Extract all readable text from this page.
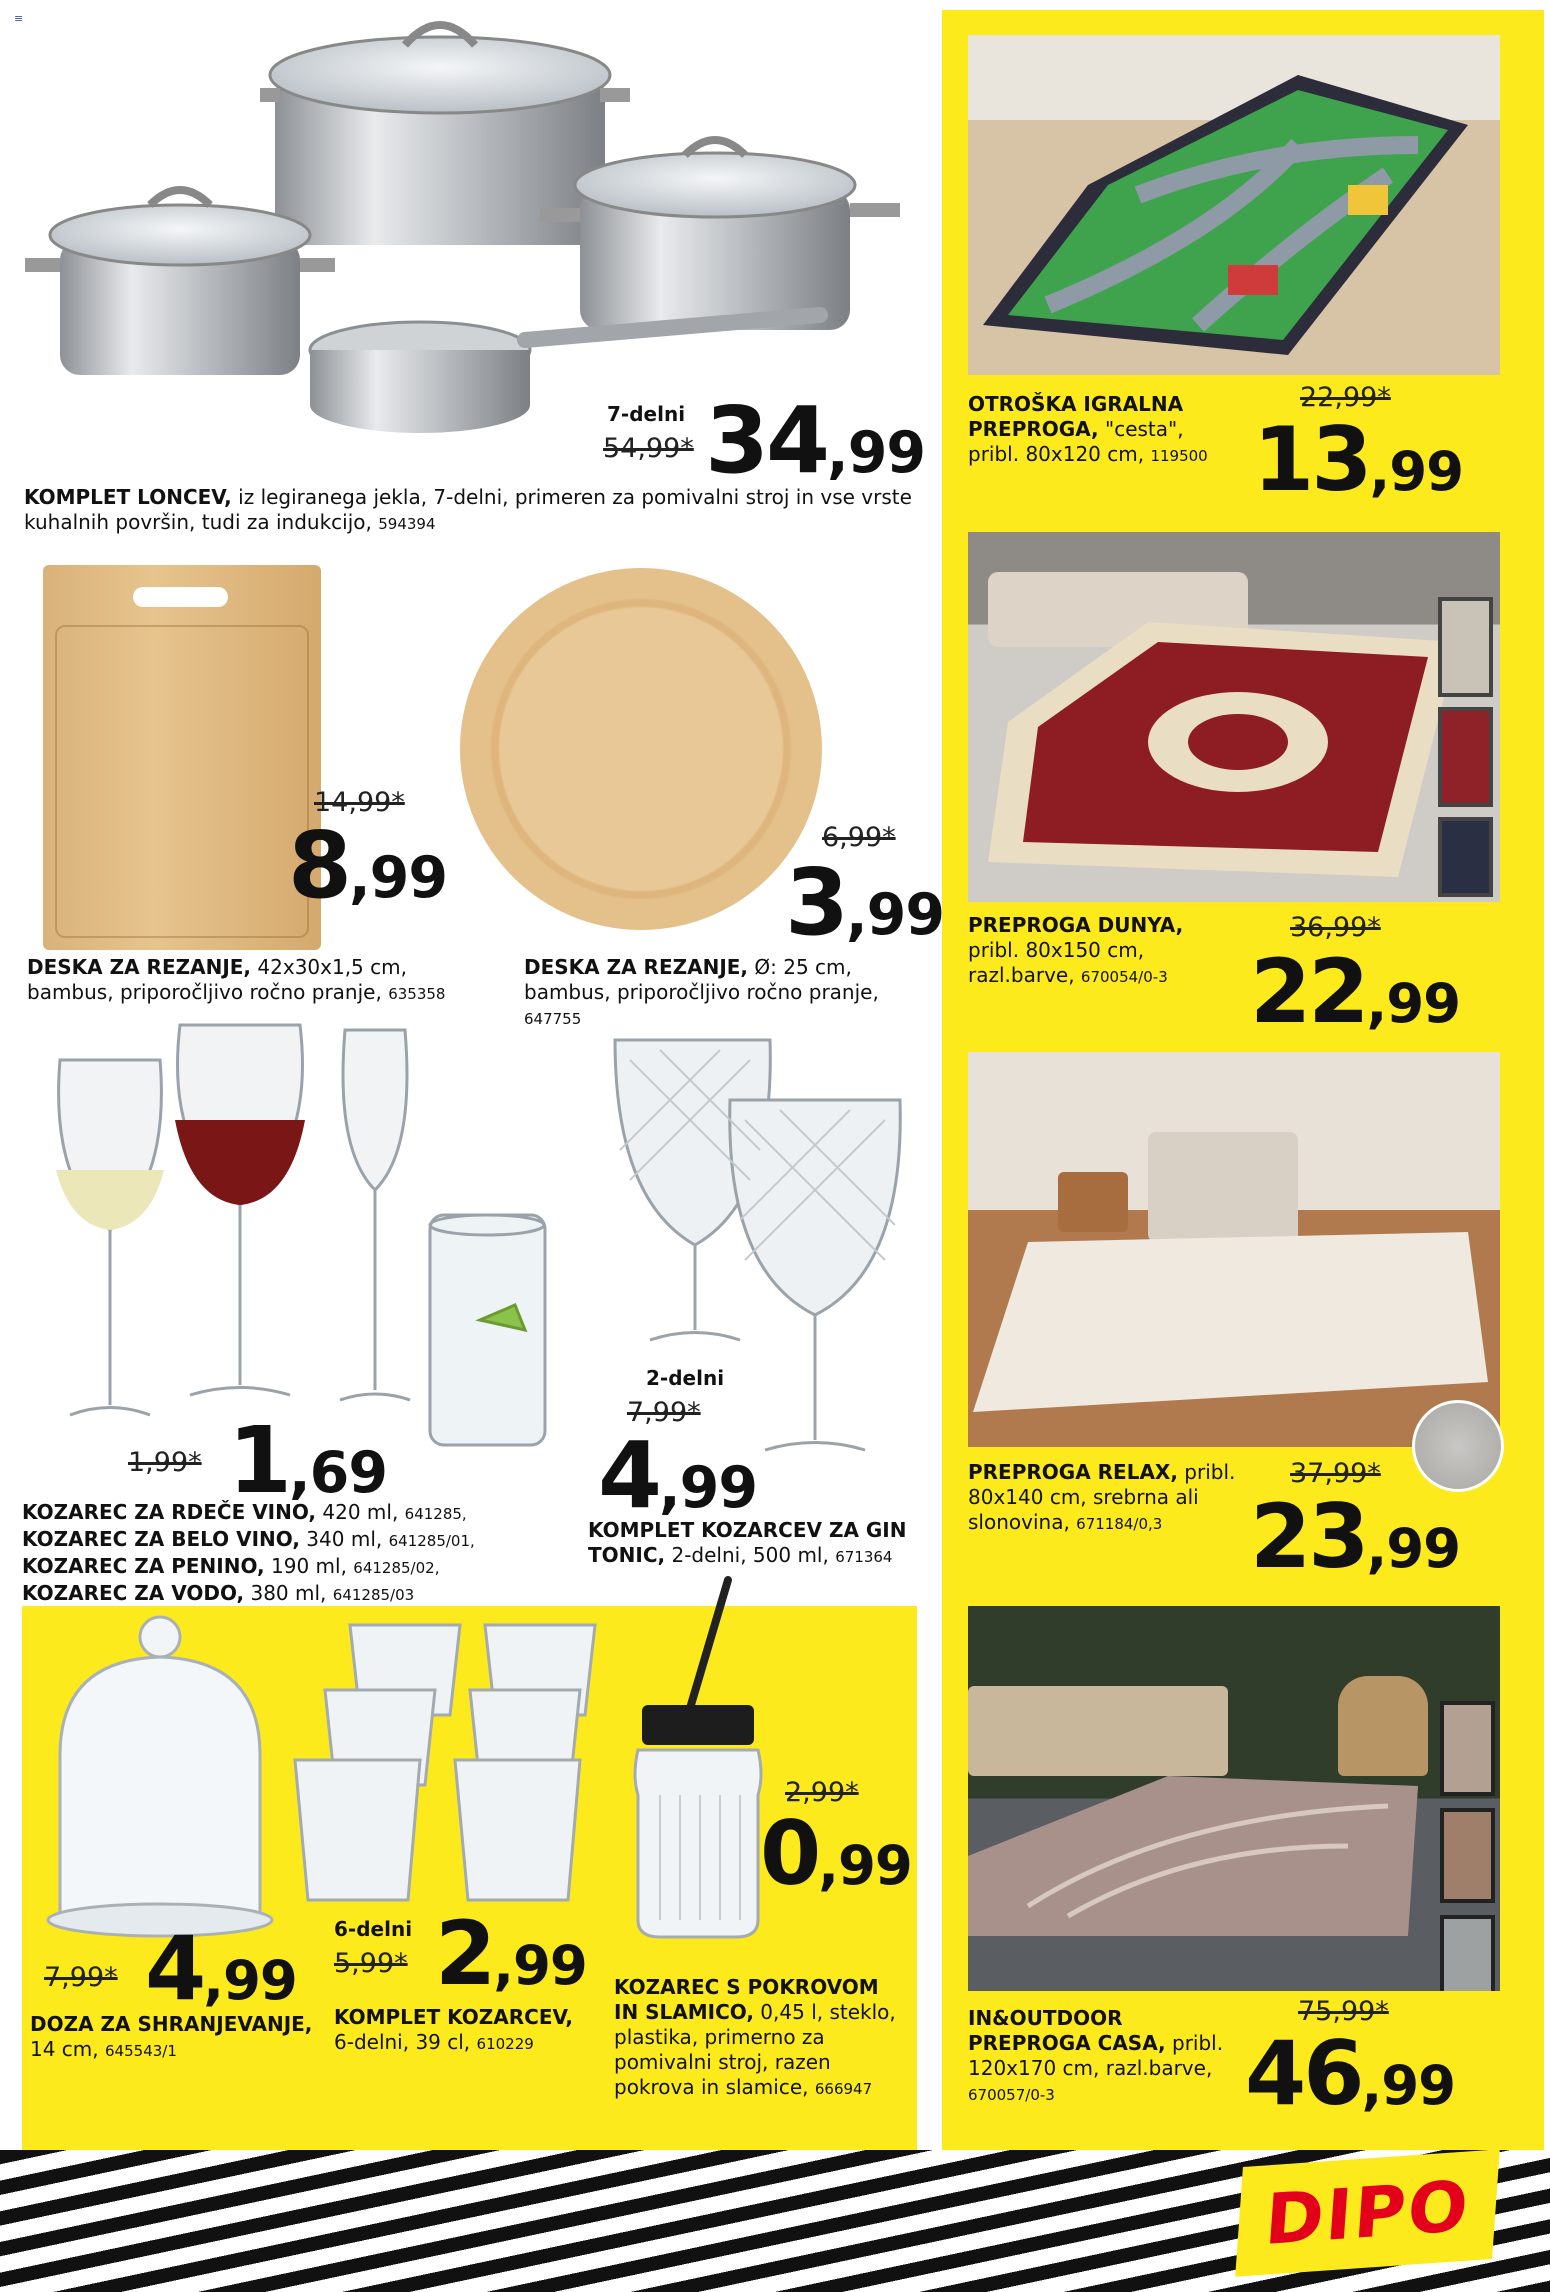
≡
7-delni
54,99* 34,99
KOMPLET LONCEV, iz legiranega jekla, 7-delni, primeren za pomivalni stroj in vse vrste kuhalnih površin, tudi za indukcijo, 594394
14,99*
8,99
DESKA ZA REZANJE, 42x30x1,5 cm, bambus, priporočljivo ročno pranje, 635358
6,99*
3,99
DESKA ZA REZANJE, Ø: 25 cm, bambus, priporočljivo ročno pranje, 647755
1,99* 1,69
KOZAREC ZA RDEČE VINO, 420 ml, 641285,
KOZAREC ZA BELO VINO, 340 ml, 641285/01,
KOZAREC ZA PENINO, 190 ml, 641285/02,
KOZAREC ZA VODO, 380 ml, 641285/03
2-delni
7,99*
4,99
KOMPLET KOZARCEV ZA GIN TONIC, 2-delni, 500 ml, 671364
7,99* 4,99
DOZA ZA SHRANJEVANJE, 14 cm, 645543/1
6-delni
5,99* 2,99
KOMPLET KOZARCEV, 6-delni, 39 cl, 610229
2,99*
0,99
KOZAREC S POKROVOM IN SLAMICO, 0,45 l, steklo, plastika, primerno za pomivalni stroj, razen pokrova in slamice, 666947
OTROŠKA IGRALNA PREPROGA, "cesta", pribl. 80x120 cm, 119500
22,99*
13,99
PREPROGA DUNYA, pribl. 80x150 cm, razl.barve, 670054/0-3
36,99*
22,99
PREPROGA RELAX, pribl. 80x140 cm, srebrna ali slonovina, 671184/0,3
37,99*
23,99
IN&OUTDOOR PREPROGA CASA, pribl. 120x170 cm, razl.barve, 670057/0-3
75,99*
46,99
DIPO
